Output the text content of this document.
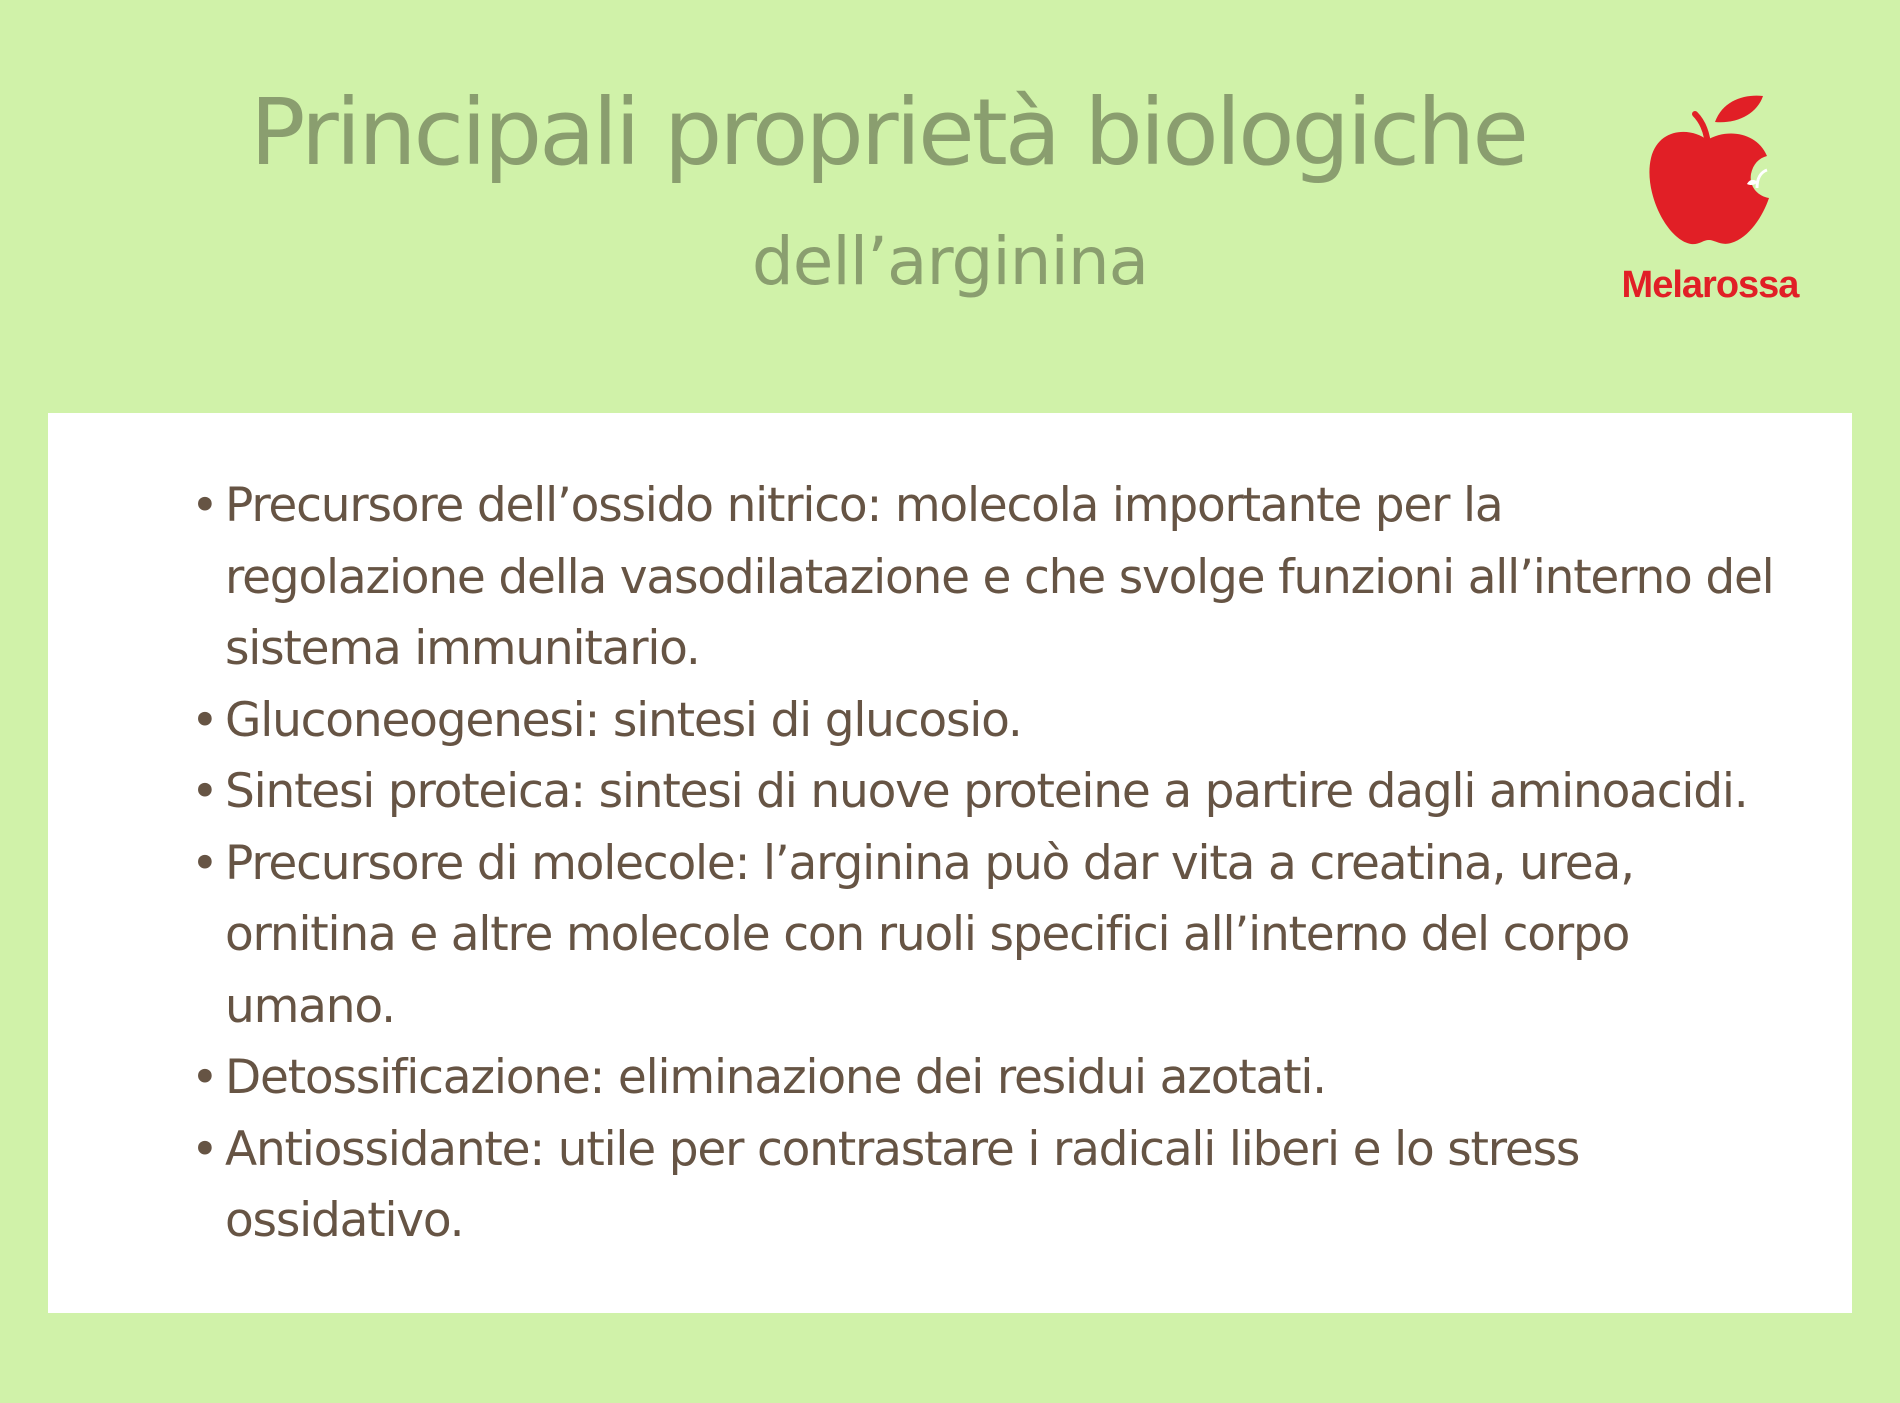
Principali proprietà biologiche
dell’arginina	Melarossa
• Precursore dell’ossido nitrico: molecola importante per la
regolazione della vasodilatazione e che svolge funzioni all’interno del
sistema immunitario.
• Gluconeogenesi: sintesi di glucosio.
• Sintesi proteica: sintesi di nuove proteine a partire dagli aminoacidi.
• Precursore di molecole: l’arginina può dar vita a creatina, urea,
ornitina e altre molecole con ruoli specifici all’interno del corpo
umano.
• Detossificazione: eliminazione dei residui azotati.
• Antiossidante: utile per contrastare i radicali liberi e lo stress
ossidativo.
